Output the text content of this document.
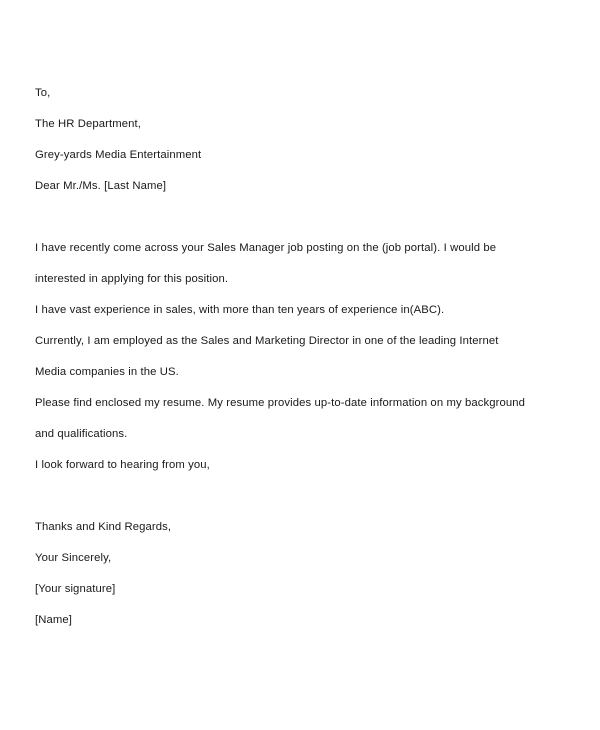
To,
The HR Department,
Grey-yards Media Entertainment
Dear Mr./Ms. [Last Name]
I have recently come across your Sales Manager job posting on the (job portal). I would be
interested in applying for this position.
I have vast experience in sales, with more than ten years of experience in(ABC).
Currently, I am employed as the Sales and Marketing Director in one of the leading Internet
Media companies in the US.
Please find enclosed my resume. My resume provides up-to-date information on my background
and qualifications.
I look forward to hearing from you,
Thanks and Kind Regards,
Your Sincerely,
[Your signature]
[Name]
